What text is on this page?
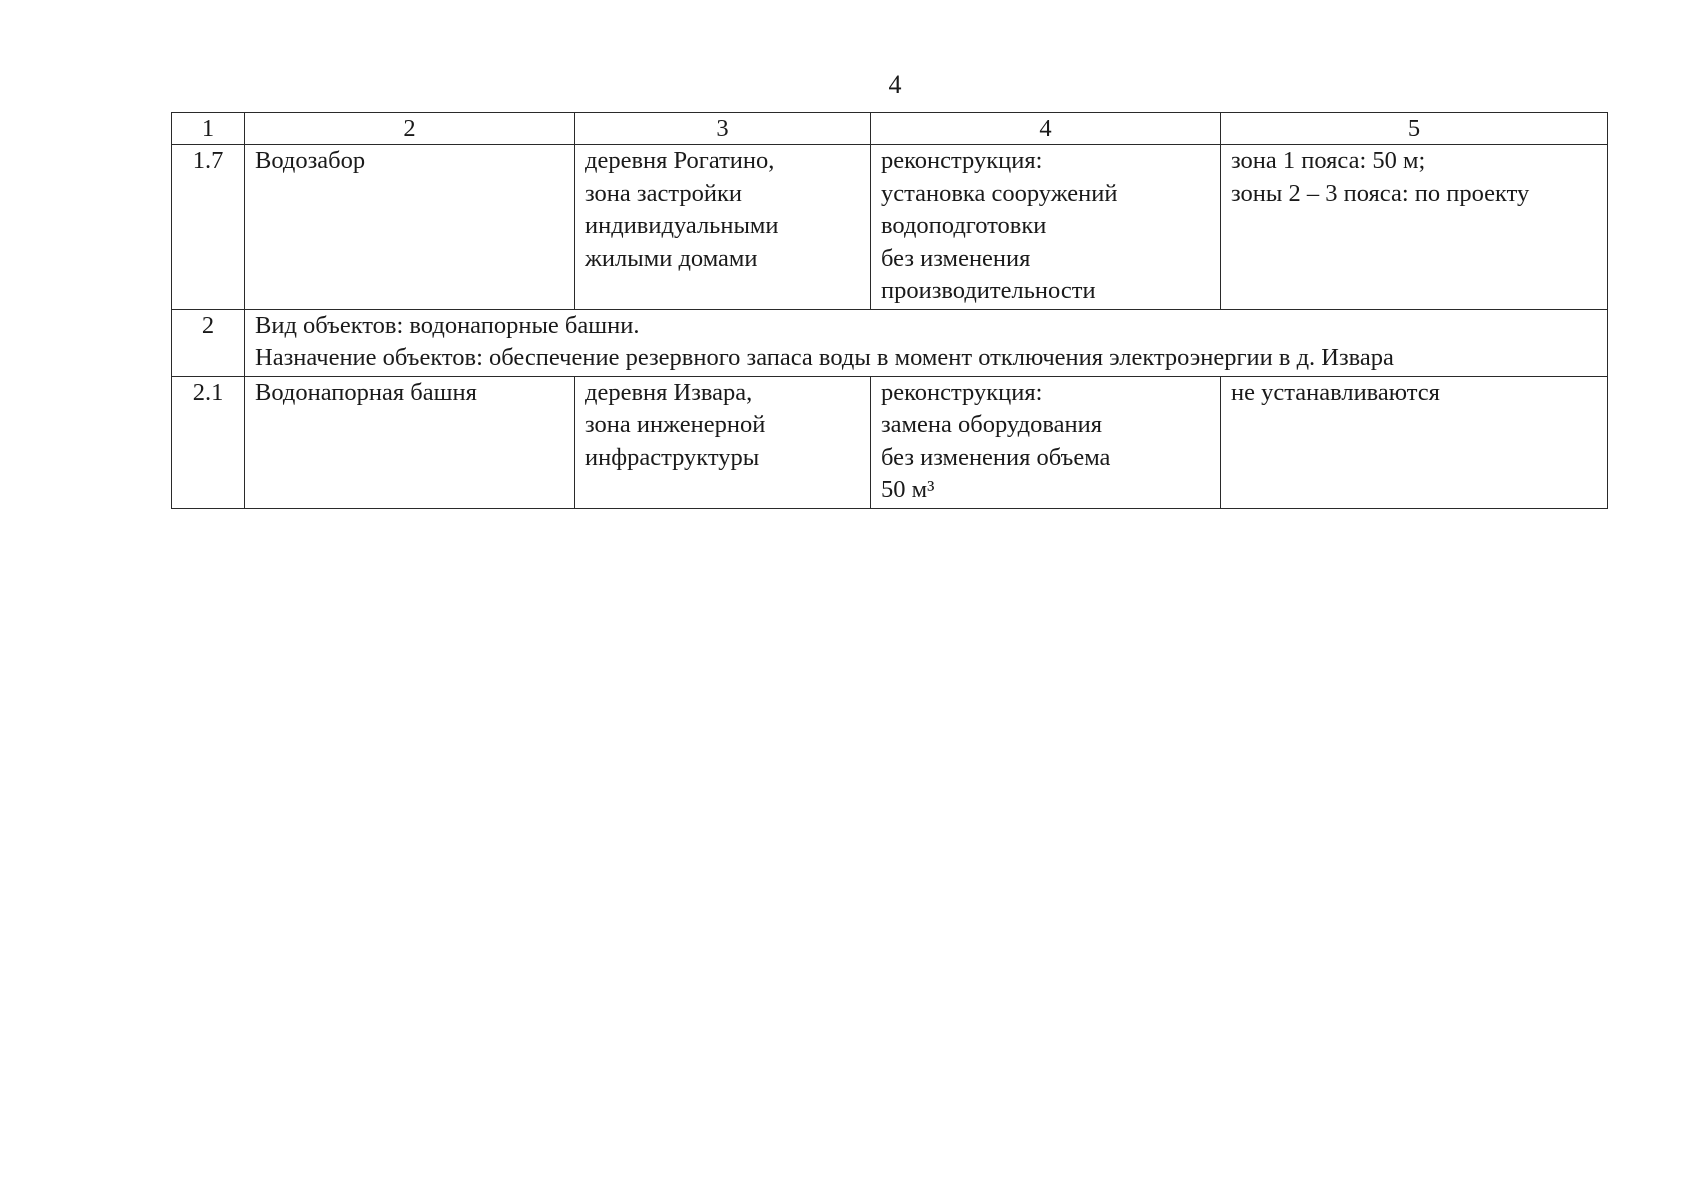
4
1	2	3	4	5
1.7	Водозабор	деревня Рогатино,
зона застройки
индивидуальными
жилыми домами	реконструкция:
установка сооружений
водоподготовки
без изменения
производительности	зона 1 пояса: 50 м;
зоны 2 – 3 пояса: по проекту

2	Вид объектов: водонапорные башни.
Назначение объектов: обеспечение резервного запаса воды в момент отключения электроэнергии в д. Извара			

2.1	Водонапорная башня	деревня Извара,
зона инженерной
инфраструктуры	реконструкция:
замена оборудования
без изменения объема
50 м³	не устанавливаются
